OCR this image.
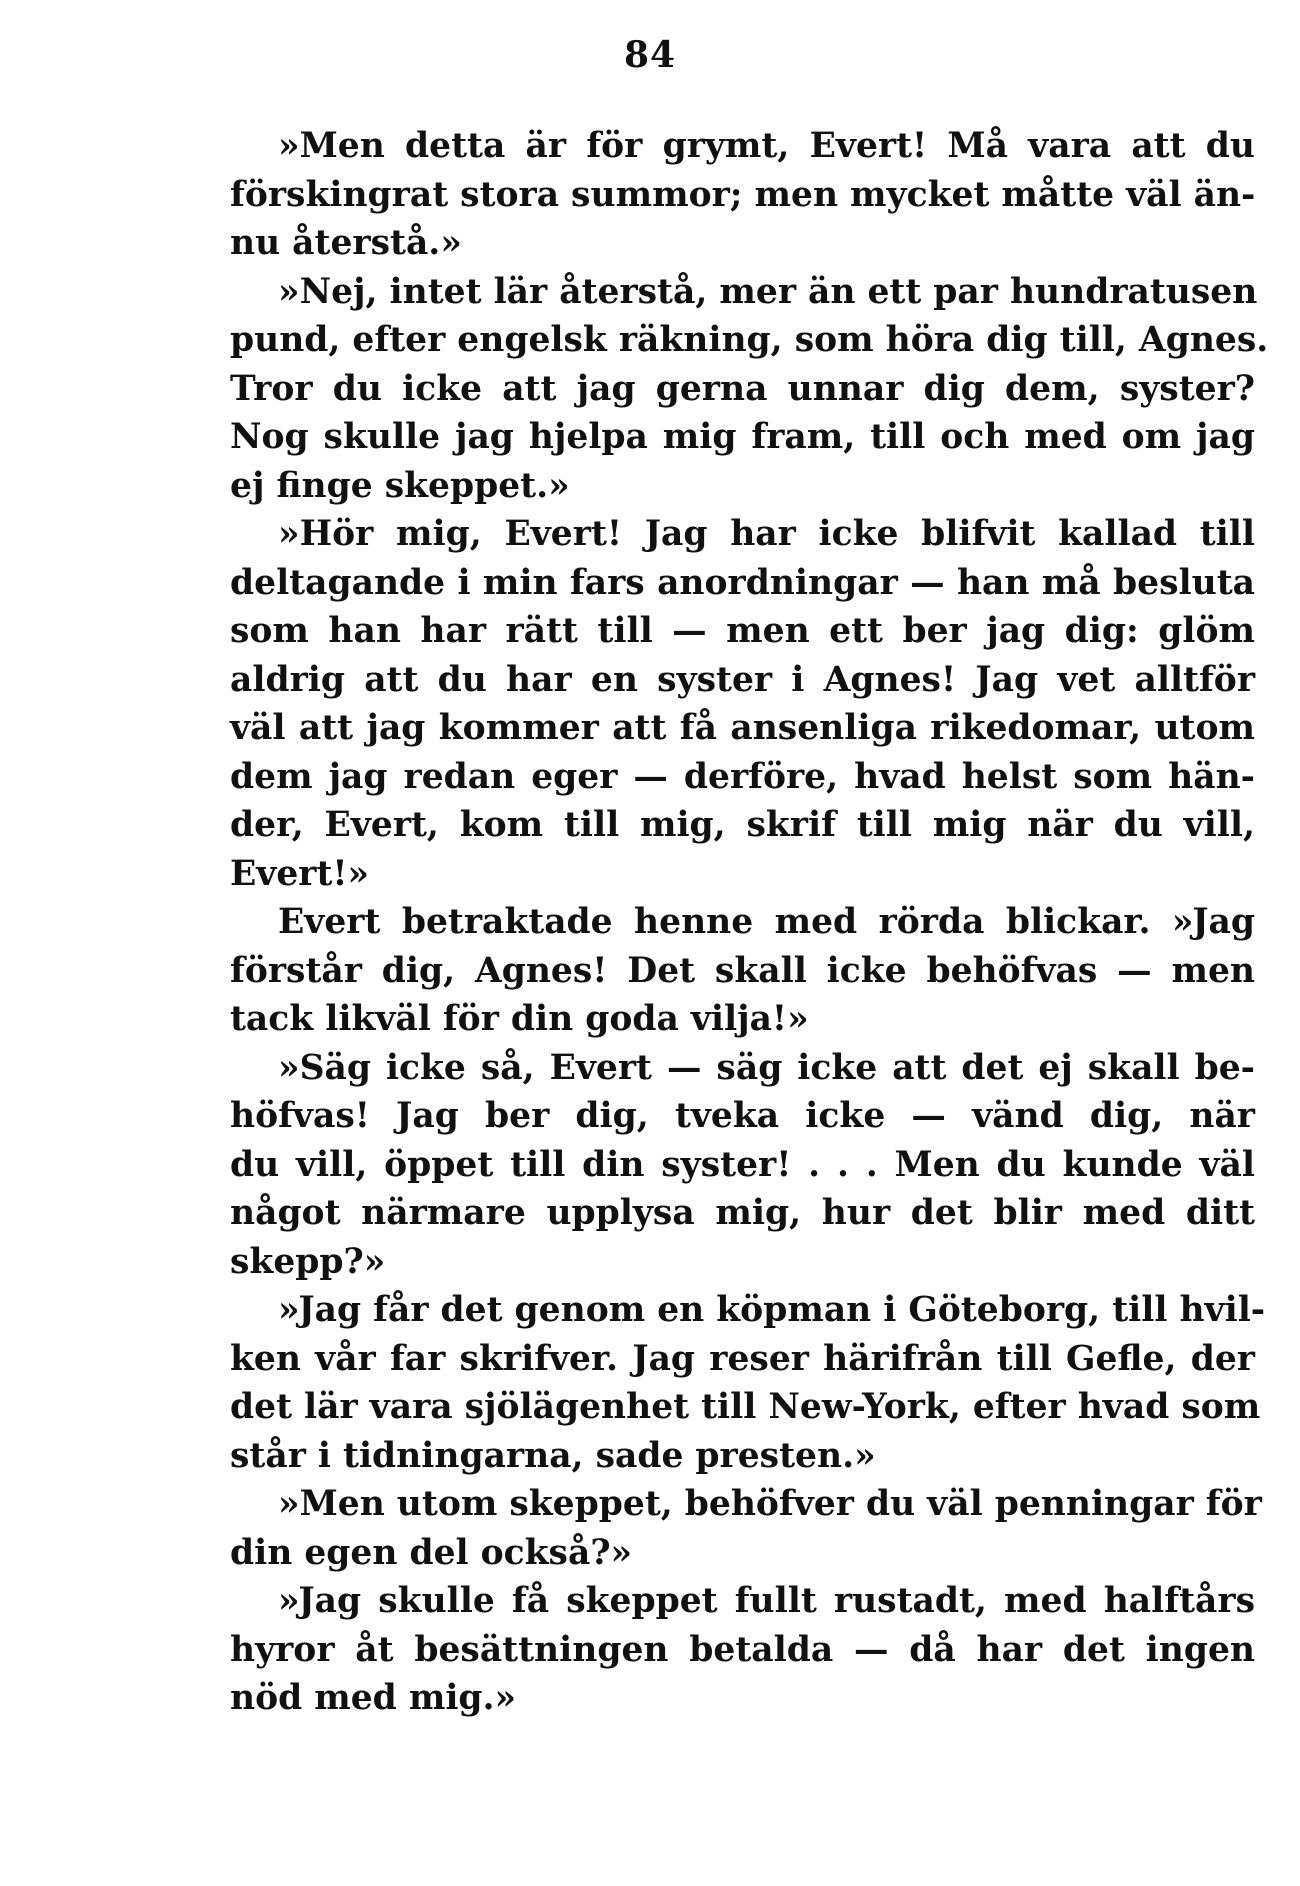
84

»Men detta är för grymt, Evert! Må vara att du
förskingrat stora summor; men mycket måtte väl än-
nu återstå.»

»Nej, intet lär återstå, mer än ett par hundratusen
pund, efter engelsk räkning, som höra dig till, Agnes.
Tror du icke att jag gerna unnar dig dem, syster?
Nog skulle jag hjelpa mig fram, till och med om jag
ej finge skeppet.»

»Hör mig, Evert! Jag har icke blifvit kallad till
deltagande i min fars anordningar — han må besluta
som han har rätt till — men ett ber jag dig: glöm
aldrig att du har en syster i Agnes! Jag vet alltför
väl att jag kommer att få ansenliga rikedomar, utom
dem jag redan eger — derföre, hvad helst som hän-
der, Evert, kom till mig, skrif till mig när du vill,
Evert!»

Evert betraktade henne med rörda blickar. »Jag
förstår dig, Agnes! Det skall icke behöfvas — men
tack likväl för din goda vilja!»

»Säg icke så, Evert — säg icke att det ej skall be-
höfvas! Jag ber dig, tveka icke — vänd dig, när
du vill, öppet till din syster! . . . Men du kunde väl
något närmare upplysa mig, hur det blir med ditt
skepp?»

»Jag får det genom en köpman i Göteborg, till hvil-
ken vår far skrifver. Jag reser härifrån till Gefle, der
det lär vara sjölägenhet till New-York, efter hvad som
står i tidningarna, sade presten.»

»Men utom skeppet, behöfver du väl penningar för
din egen del också?»

»Jag skulle få skeppet fullt rustadt, med halftårs
hyror åt besättningen betalda — då har det ingen
nöd med mig.»
